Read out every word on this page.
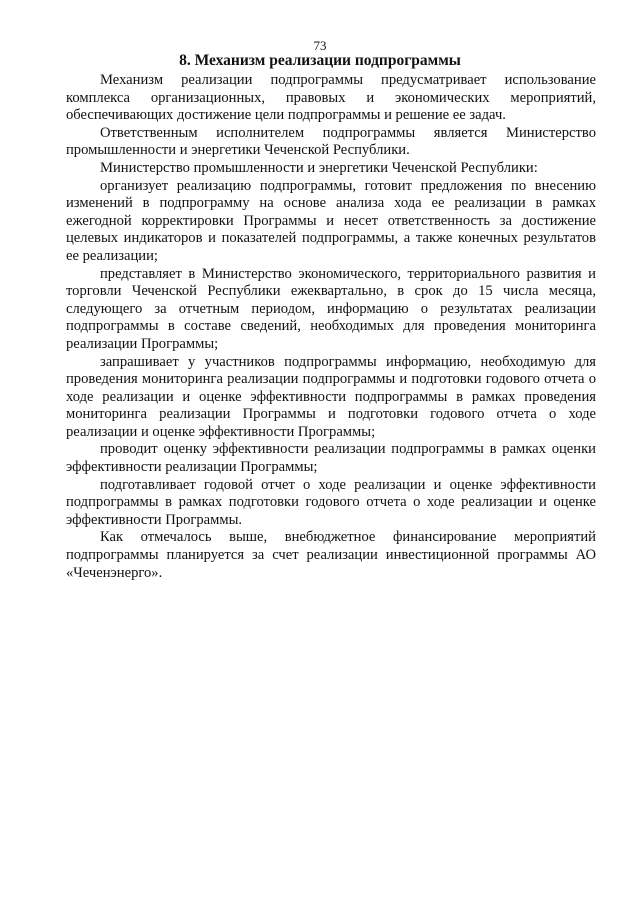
73
8. Механизм реализации подпрограммы

Механизм реализации подпрограммы предусматривает использование комплекса организационных, правовых и экономических мероприятий, обеспечивающих достижение цели подпрограммы и решение ее задач.

Ответственным исполнителем подпрограммы является Министерство промышленности и энергетики Чеченской Республики.

Министерство промышленности и энергетики Чеченской Республики:

организует реализацию подпрограммы, готовит предложения по внесению изменений в подпрограмму на основе анализа хода ее реализации в рамках ежегодной корректировки Программы и несет ответственность за достижение целевых индикаторов и показателей подпрограммы, а также конечных результатов ее реализации;

представляет в Министерство экономического, территориального развития и торговли Чеченской Республики ежеквартально, в срок до 15 числа месяца, следующего за отчетным периодом, информацию о результатах реализации подпрограммы в составе сведений, необходимых для проведения мониторинга реализации Программы;

запрашивает у участников подпрограммы информацию, необходимую для проведения мониторинга реализации подпрограммы и подготовки годового отчета о ходе реализации и оценке эффективности подпрограммы в рамках проведения мониторинга реализации Программы и подготовки годового отчета о ходе реализации и оценке эффективности Программы;

проводит оценку эффективности реализации подпрограммы в рамках оценки эффективности реализации Программы;

подготавливает годовой отчет о ходе реализации и оценке эффективности подпрограммы в рамках подготовки годового отчета о ходе реализации и оценке эффективности Программы.

Как отмечалось выше, внебюджетное финансирование мероприятий подпрограммы планируется за счет реализации инвестиционной программы АО «Чеченэнерго».
